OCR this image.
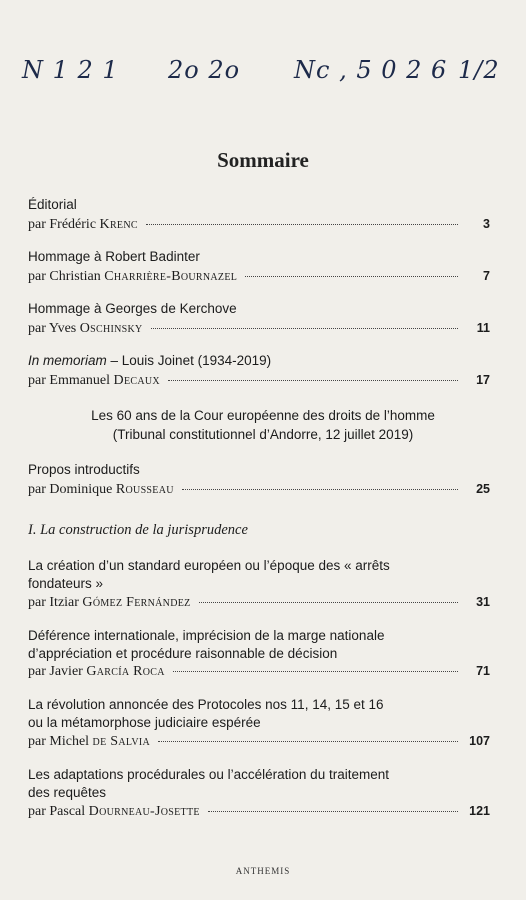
N 1 2 1 2o 2o Nc , 5 0 2 6 1/2
Sommaire
Éditorial
par Frédéric Krenc	3
Hommage à Robert Badinter
par Christian Charrière-Bournazel	7
Hommage à Georges de Kerchove
par Yves Oschinsky	11
In memoriam – Louis Joinet (1934-2019)
par Emmanuel Decaux	17
Les 60 ans de la Cour européenne des droits de l’homme
(Tribunal constitutionnel d’Andorre, 12 juillet 2019)
Propos introductifs
par Dominique Rousseau	25
I. La construction de la jurisprudence
La création d’un standard européen ou l’époque des « arrêts
fondateurs »
par Itziar Gómez Fernández	31
Déférence internationale, imprécision de la marge nationale
d’appréciation et procédure raisonnable de décision
par Javier García Roca	71
La révolution annoncée des Protocoles nos 11, 14, 15 et 16
ou la métamorphose judiciaire espérée
par Michel de Salvia	107
Les adaptations procédurales ou l’accélération du traitement
des requêtes
par Pascal Dourneau-Josette	121
ANTHEMIS
